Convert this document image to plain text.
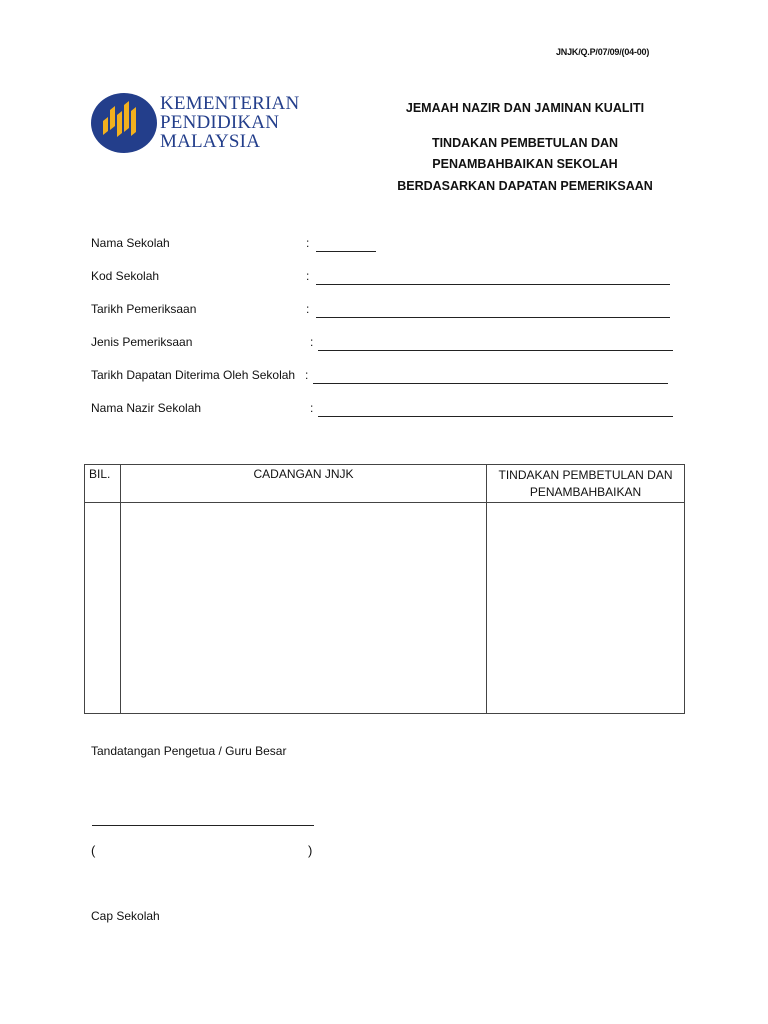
JNJK/Q.P/07/09/(04-00)
KEMENTERIAN
PENDIDIKAN
MALAYSIA
JEMAAH NAZIR DAN JAMINAN KUALITI
TINDAKAN PEMBETULAN DAN
PENAMBAHBAIKAN SEKOLAH
BERDASARKAN DAPATAN PEMERIKSAAN
Nama Sekolah	:
Kod Sekolah	:
Tarikh Pemeriksaan	:
Jenis Pemeriksaan	:
Tarikh Dapatan Diterima Oleh Sekolah :
Nama Nazir Sekolah	:
BIL.	CADANGAN JNJK	TINDAKAN PEMBETULAN DAN PENAMBAHBAIKAN

Tandatangan Pengetua / Guru Besar
(	)
Cap Sekolah
